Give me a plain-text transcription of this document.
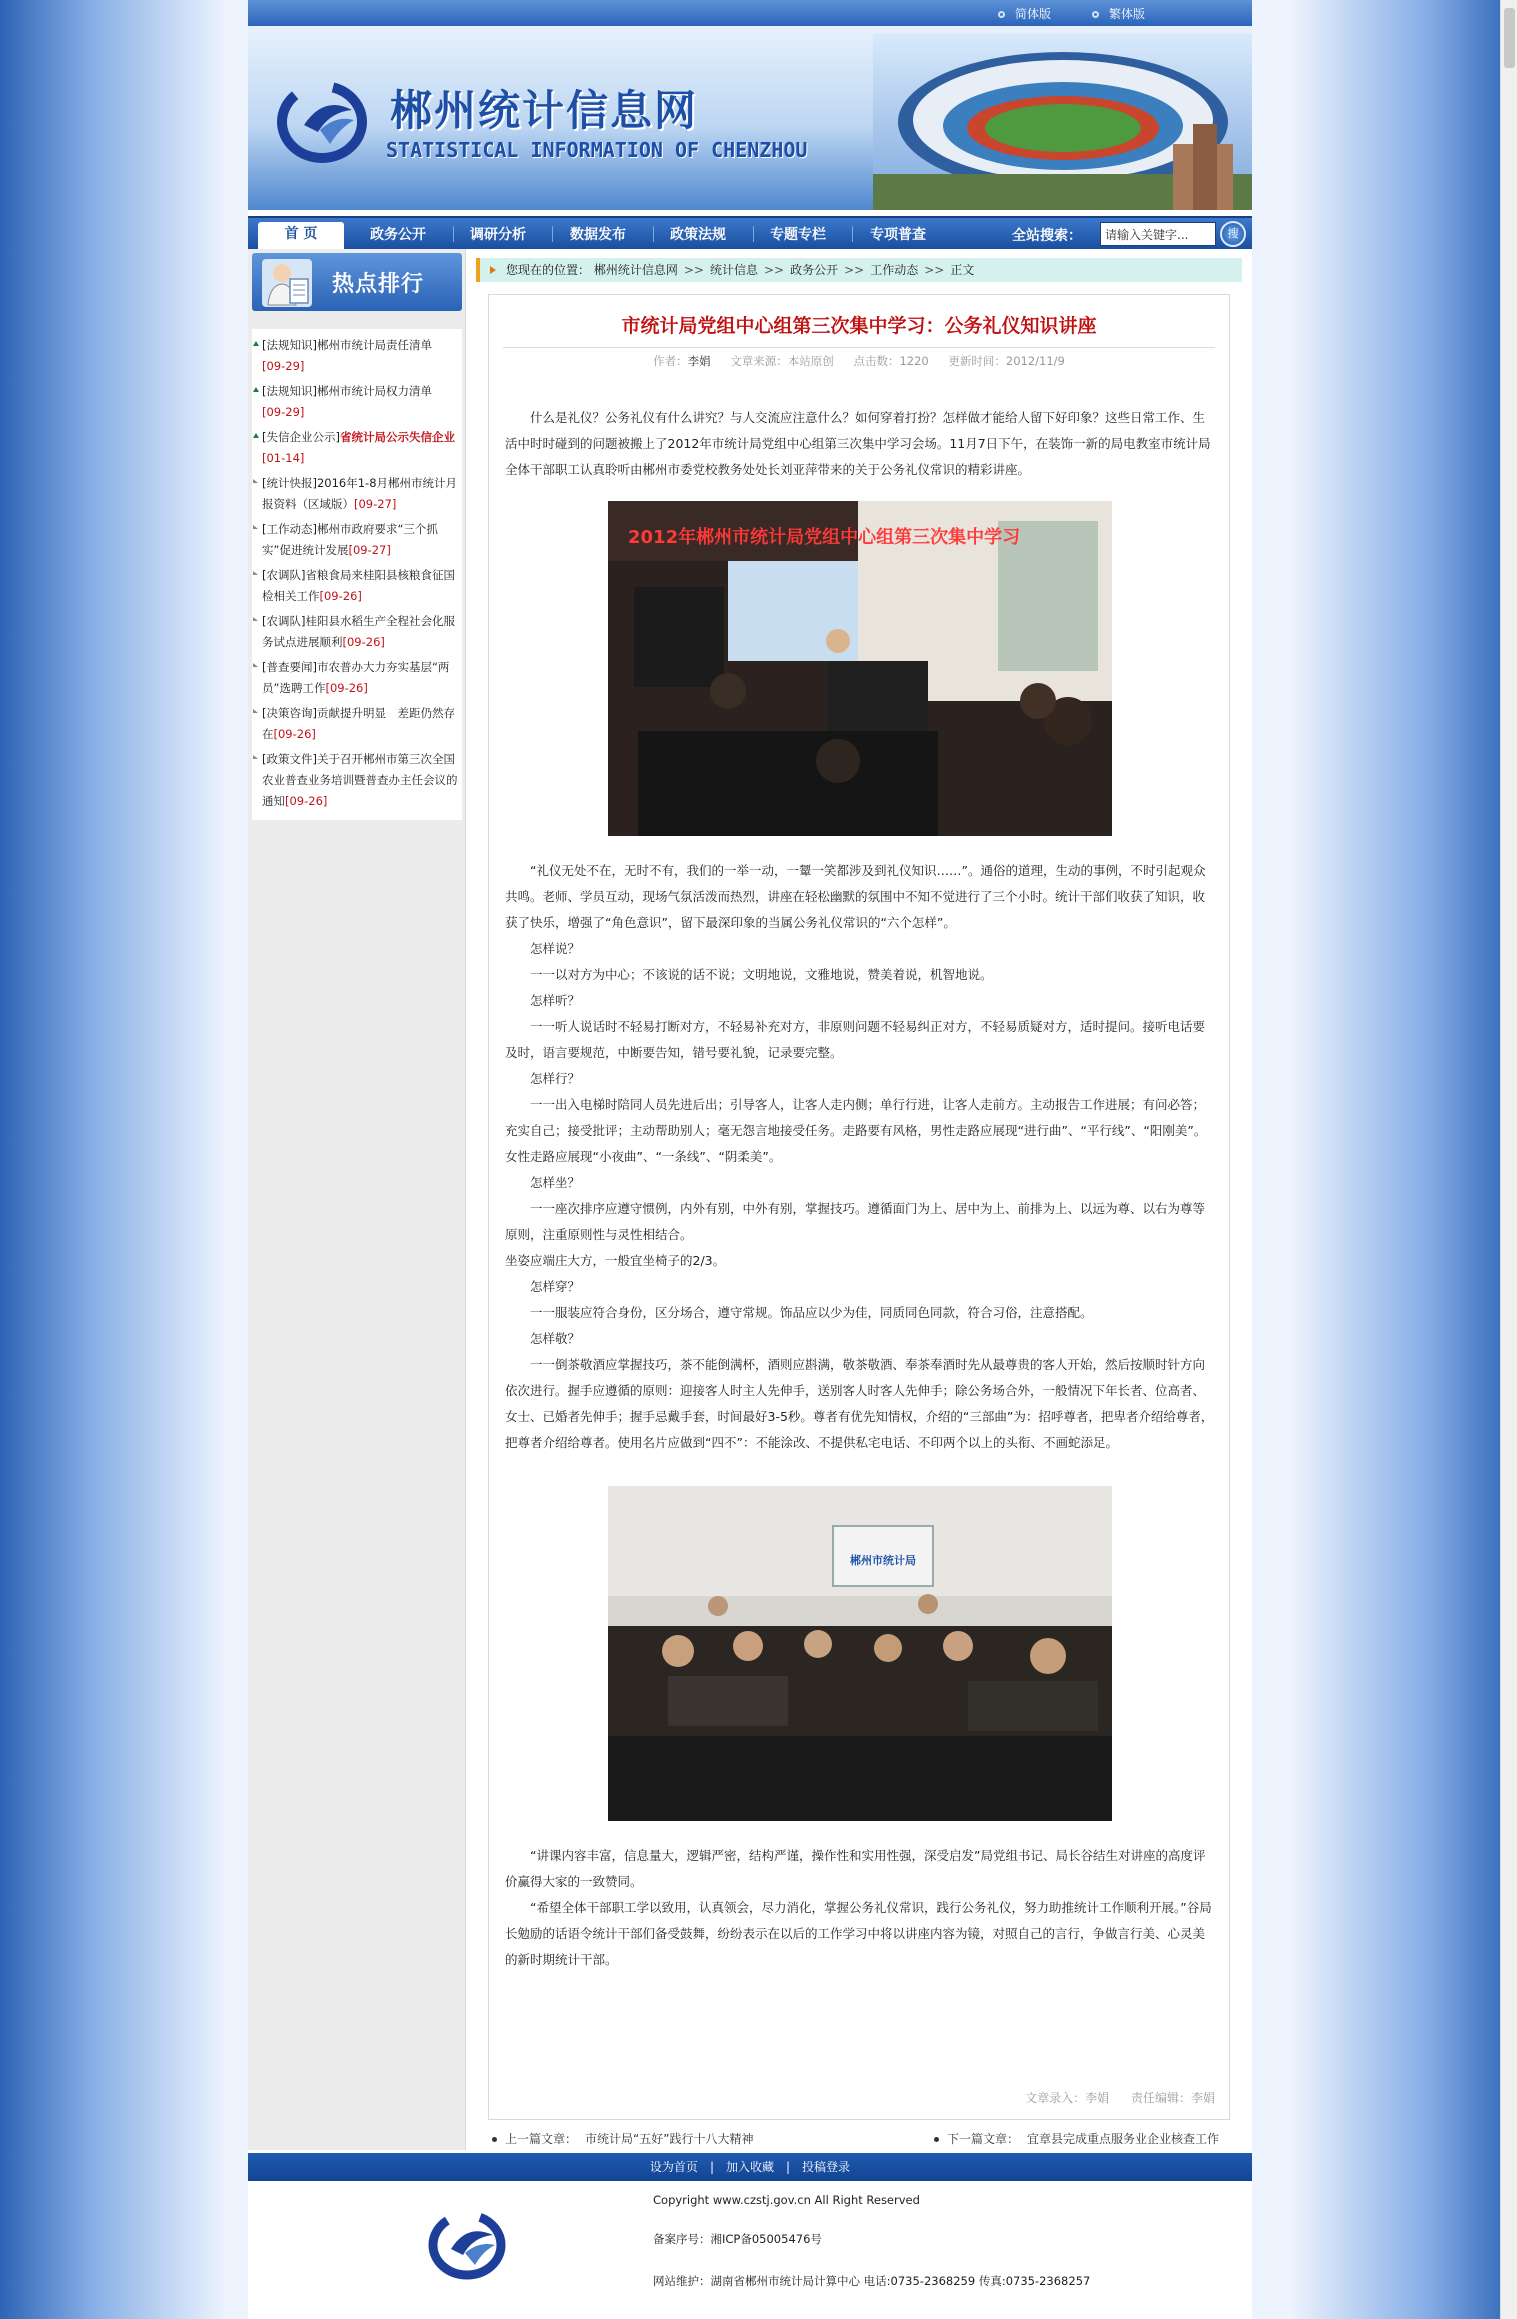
简体版	繁体版
郴州统计信息网
STATISTICAL INFORMATION OF CHENZHOU
首 页	政务公开	调研分析	数据发布	政策法规	专题专栏	专项普查	全站搜索：
请输入关键字...	搜
热点排行
[法规知识]郴州市统计局责任清单
[09-29]
[法规知识]郴州市统计局权力清单
[09-29]
[失信企业公示]省统计局公示失信企业[01-14]
[统计快报]2016年1-8月郴州市统计月报资料（区域版）[09-27]
[工作动态]郴州市政府要求“三个抓实”促进统计发展[09-27]
[农调队]省粮食局来桂阳县核粮食征国检相关工作[09-26]
[农调队]桂阳县水稻生产全程社会化服务试点进展顺利[09-26]
[普查要闻]市农普办大力夯实基层“两员”选聘工作[09-26]
[决策咨询]贡献提升明显　差距仍然存在[09-26]
[政策文件]关于召开郴州市第三次全国农业普查业务培训暨普查办主任会议的通知[09-26]
您现在的位置： 郴州统计信息网 >> 统计信息 >> 政务公开 >> 工作动态 >> 正文
市统计局党组中心组第三次集中学习：公务礼仪知识讲座
作者：李娟 文章来源：本站原创 点击数：1220 更新时间：2012/11/9

什么是礼仪？公务礼仪有什么讲究？与人交流应注意什么？如何穿着打扮？怎样做才能给人留下好印象？这些日常工作、生活中时时碰到的问题被搬上了2012年市统计局党组中心组第三次集中学习会场。11月7日下午，在装饰一新的局电教室市统计局全体干部职工认真聆听由郴州市委党校教务处处长刘亚萍带来的关于公务礼仪常识的精彩讲座。

2012年郴州市统计局党组中心组第三次集中学习

“礼仪无处不在，无时不有，我们的一举一动，一颦一笑都涉及到礼仪知识……”。通俗的道理，生动的事例，不时引起观众共鸣。老师、学员互动，现场气氛活泼而热烈，讲座在轻松幽默的氛围中不知不觉进行了三个小时。统计干部们收获了知识，收获了快乐，增强了“角色意识”，留下最深印象的当属公务礼仪常识的“六个怎样”。

怎样说？

一一以对方为中心；不该说的话不说；文明地说，文雅地说，赞美着说，机智地说。

怎样听？

一一听人说话时不轻易打断对方，不轻易补充对方，非原则问题不轻易纠正对方，不轻易质疑对方，适时提问。接听电话要及时，语言要规范，中断要告知，错号要礼貌，记录要完整。

怎样行？

一一出入电梯时陪同人员先进后出；引导客人，让客人走内侧；单行行进，让客人走前方。主动报告工作进展；有问必答；充实自己；接受批评；主动帮助别人；毫无怨言地接受任务。走路要有风格，男性走路应展现“进行曲”、“平行线”、“阳刚美”。女性走路应展现“小夜曲”、“一条线”、“阴柔美”。

怎样坐？

一一座次排序应遵守惯例，内外有别，中外有别，掌握技巧。遵循面门为上、居中为上、前排为上、以远为尊、以右为尊等原则，注重原则性与灵性相结合。

坐姿应端庄大方，一般宜坐椅子的2/3。

怎样穿？

一一服装应符合身份，区分场合，遵守常规。饰品应以少为佳，同质同色同款，符合习俗，注意搭配。

怎样敬？

一一倒茶敬酒应掌握技巧，茶不能倒满杯，酒则应斟满，敬茶敬酒、奉茶奉酒时先从最尊贵的客人开始，然后按顺时针方向依次进行。握手应遵循的原则：迎接客人时主人先伸手，送别客人时客人先伸手；除公务场合外，一般情况下年长者、位高者、女士、已婚者先伸手；握手忌戴手套，时间最好3-5秒。尊者有优先知情权，介绍的“三部曲”为：招呼尊者，把卑者介绍给尊者，把尊者介绍给尊者。使用名片应做到“四不”：不能涂改、不提供私宅电话、不印两个以上的头衔、不画蛇添足。

郴州市统计局

“讲课内容丰富，信息量大，逻辑严密，结构严谨，操作性和实用性强，深受启发”局党组书记、局长谷结生对讲座的高度评价赢得大家的一致赞同。

“希望全体干部职工学以致用，认真领会，尽力消化，掌握公务礼仪常识，践行公务礼仪，努力助推统计工作顺利开展。”谷局长勉励的话语令统计干部们备受鼓舞，纷纷表示在以后的工作学习中将以讲座内容为镜，对照自己的言行，争做言行美、心灵美的新时期统计干部。

文章录入：李娟 责任编辑：李娟
上一篇文章： 市统计局“五好”践行十八大精神	下一篇文章： 宜章县完成重点服务业企业核查工作
设为首页 | 加入收藏 | 投稿登录
Copyright www.czstj.gov.cn All Right Reserved
备案序号：湘ICP备05005476号
网站维护：湖南省郴州市统计局计算中心 电话:0735-2368259 传真:0735-2368257
